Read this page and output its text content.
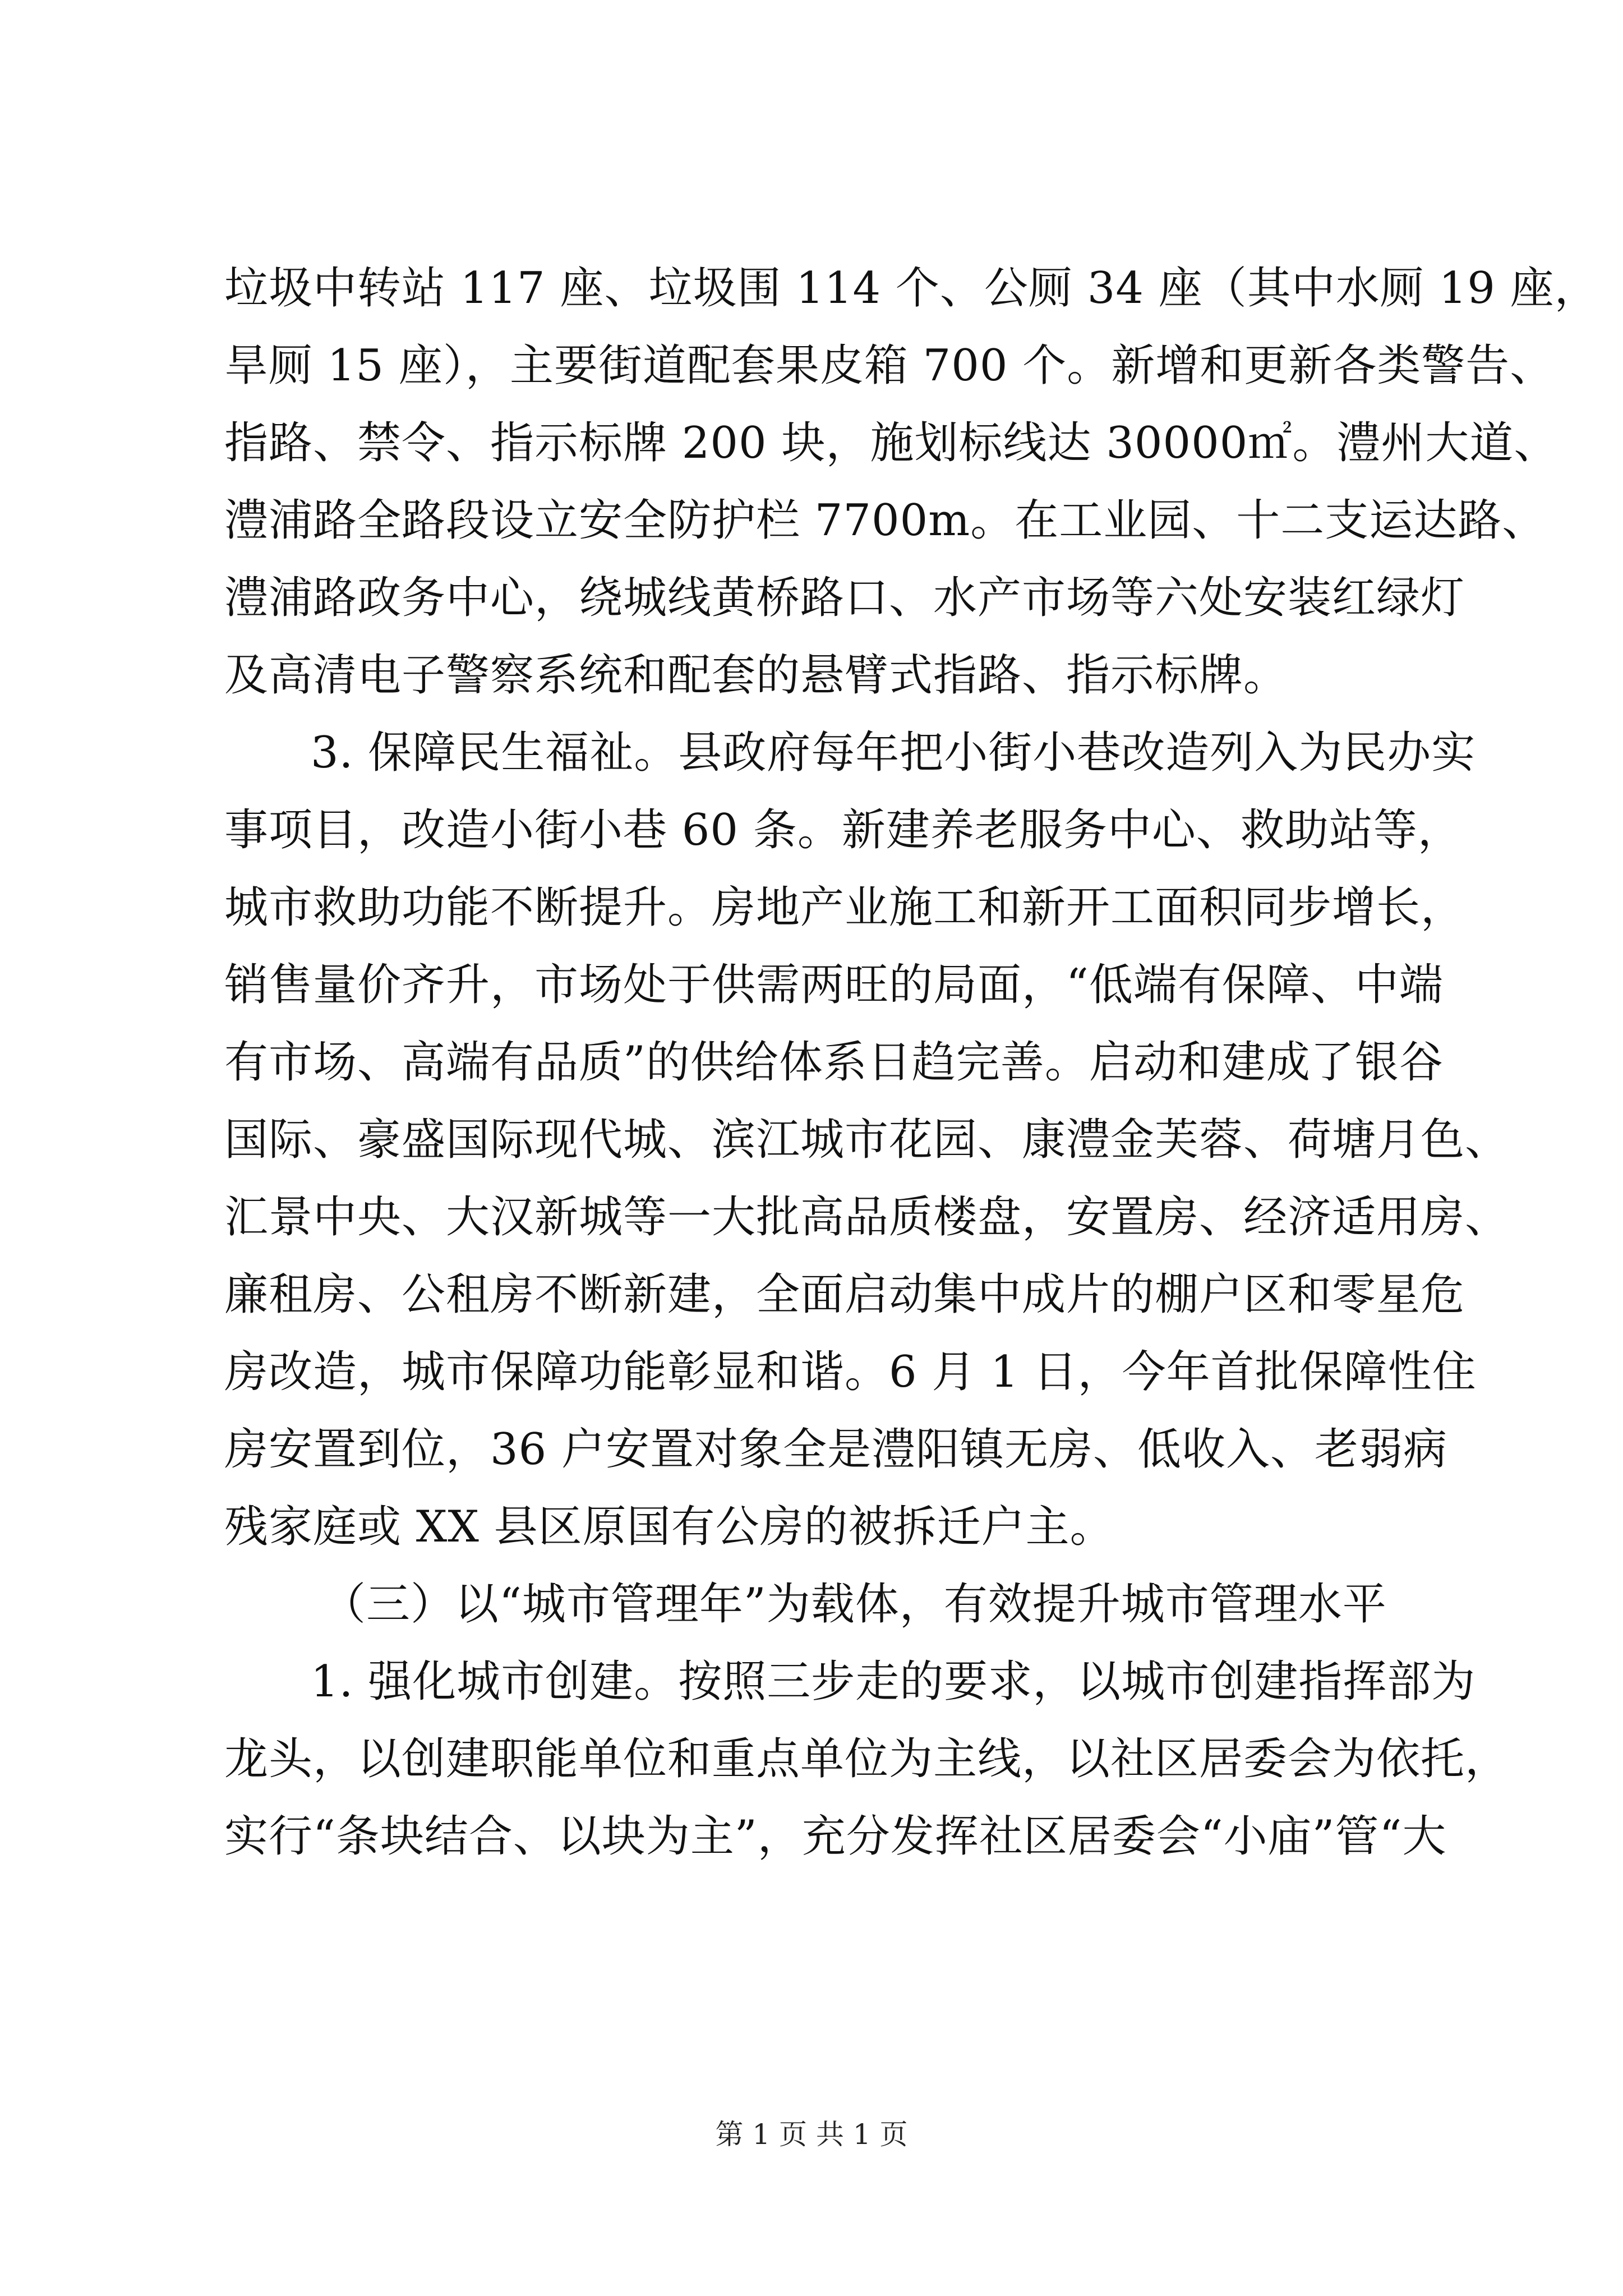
垃圾中转站 117 座、垃圾围 114 个、公厕 34 座（其中水厕 19 座，
旱厕 15 座），主要街道配套果皮箱 700 个。新增和更新各类警告、
指路、禁令、指示标牌 200 块，施划标线达 30000㎡。澧州大道、
澧浦路全路段设立安全防护栏 7700m。在工业园、十二支运达路、
澧浦路政务中心，绕城线黄桥路口、水产市场等六处安装红绿灯
及高清电子警察系统和配套的悬臂式指路、指示标牌。
3. 保障民生福祉。县政府每年把小街小巷改造列入为民办实
事项目，改造小街小巷 60 条。新建养老服务中心、救助站等，
城市救助功能不断提升。房地产业施工和新开工面积同步增长，
销售量价齐升，市场处于供需两旺的局面，“低端有保障、中端
有市场、高端有品质”的供给体系日趋完善。启动和建成了银谷
国际、豪盛国际现代城、滨江城市花园、康澧金芙蓉、荷塘月色、
汇景中央、大汉新城等一大批高品质楼盘，安置房、经济适用房、
廉租房、公租房不断新建，全面启动集中成片的棚户区和零星危
房改造，城市保障功能彰显和谐。6 月 1 日，今年首批保障性住
房安置到位，36 户安置对象全是澧阳镇无房、低收入、老弱病
残家庭或 XX 县区原国有公房的被拆迁户主。
（三）以“城市管理年”为载体，有效提升城市管理水平
1. 强化城市创建。按照三步走的要求，以城市创建指挥部为
龙头，以创建职能单位和重点单位为主线，以社区居委会为依托，
实行“条块结合、以块为主”，充分发挥社区居委会“小庙”管“大
第 1 页 共 1 页
